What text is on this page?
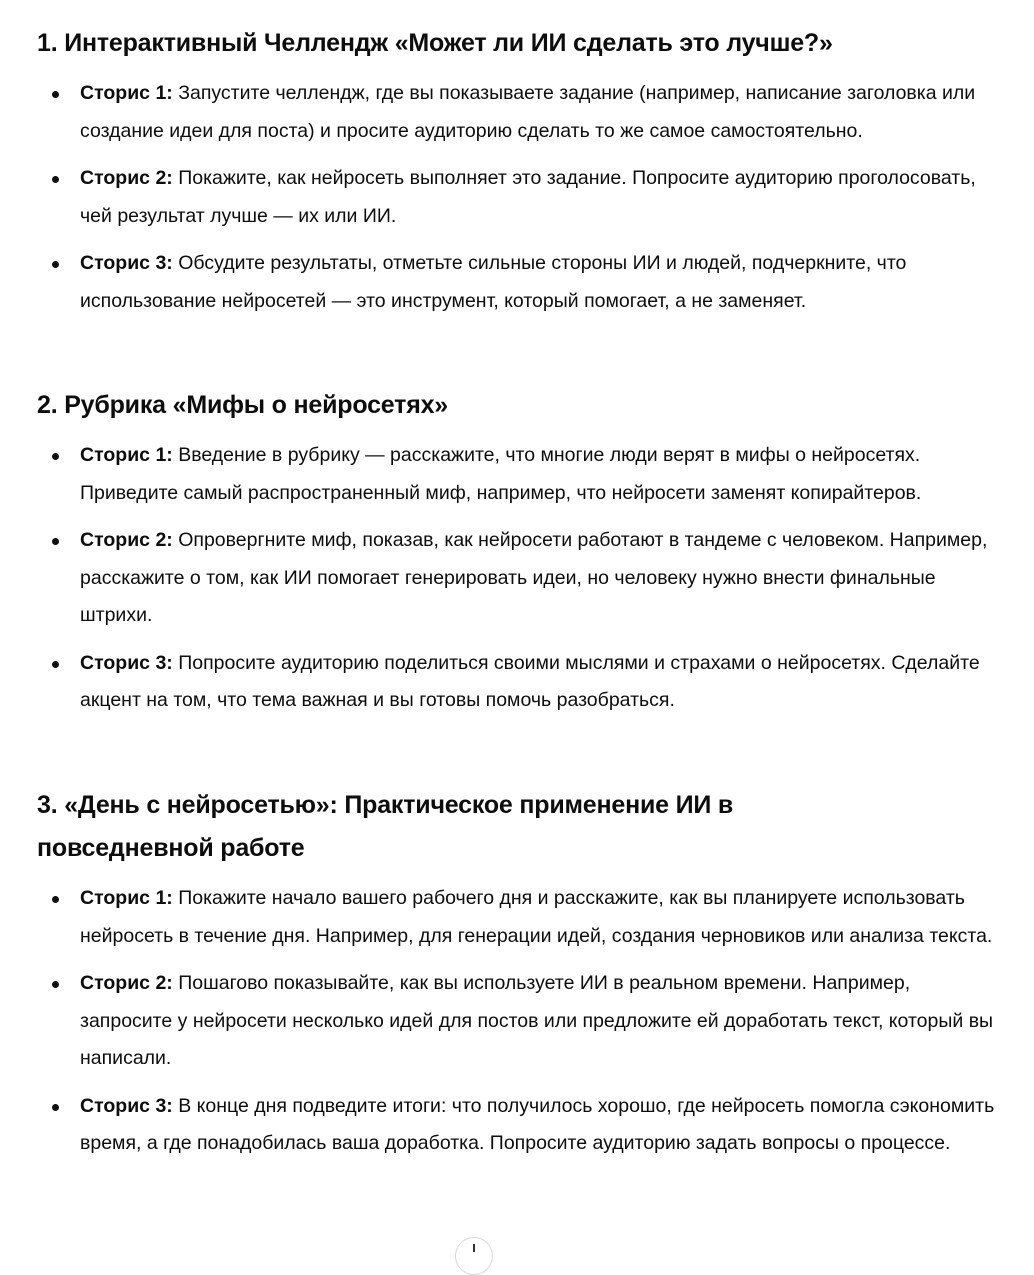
1. Интерактивный Челлендж «Может ли ИИ сделать это лучше?»
Сторис 1: Запустите челлендж, где вы показываете задание (например, написание заголовка или создание идеи для поста) и просите аудиторию сделать то же самое самостоятельно.
Сторис 2: Покажите, как нейросеть выполняет это задание. Попросите аудиторию проголосовать, чей результат лучше — их или ИИ.
Сторис 3: Обсудите результаты, отметьте сильные стороны ИИ и людей, подчеркните, что использование нейросетей — это инструмент, который помогает, а не заменяет.
2. Рубрика «Мифы о нейросетях»
Сторис 1: Введение в рубрику — расскажите, что многие люди верят в мифы о нейросетях. Приведите самый распространенный миф, например, что нейросети заменят копирайтеров.
Сторис 2: Опровергните миф, показав, как нейросети работают в тандеме с человеком. Например, расскажите о том, как ИИ помогает генерировать идеи, но человеку нужно внести финальные штрихи.
Сторис 3: Попросите аудиторию поделиться своими мыслями и страхами о нейросетях. Сделайте акцент на том, что тема важная и вы готовы помочь разобраться.
3. «День с нейросетью»: Практическое применение ИИ в повседневной работе
Сторис 1: Покажите начало вашего рабочего дня и расскажите, как вы планируете использовать нейросеть в течение дня. Например, для генерации идей, создания черновиков или анализа текста.
Сторис 2: Пошагово показывайте, как вы используете ИИ в реальном времени. Например, запросите у нейросети несколько идей для постов или предложите ей доработать текст, который вы написали.
Сторис 3: В конце дня подведите итоги: что получилось хорошо, где нейросеть помогла сэкономить время, а где понадобилась ваша доработка. Попросите аудиторию задать вопросы о процессе.
